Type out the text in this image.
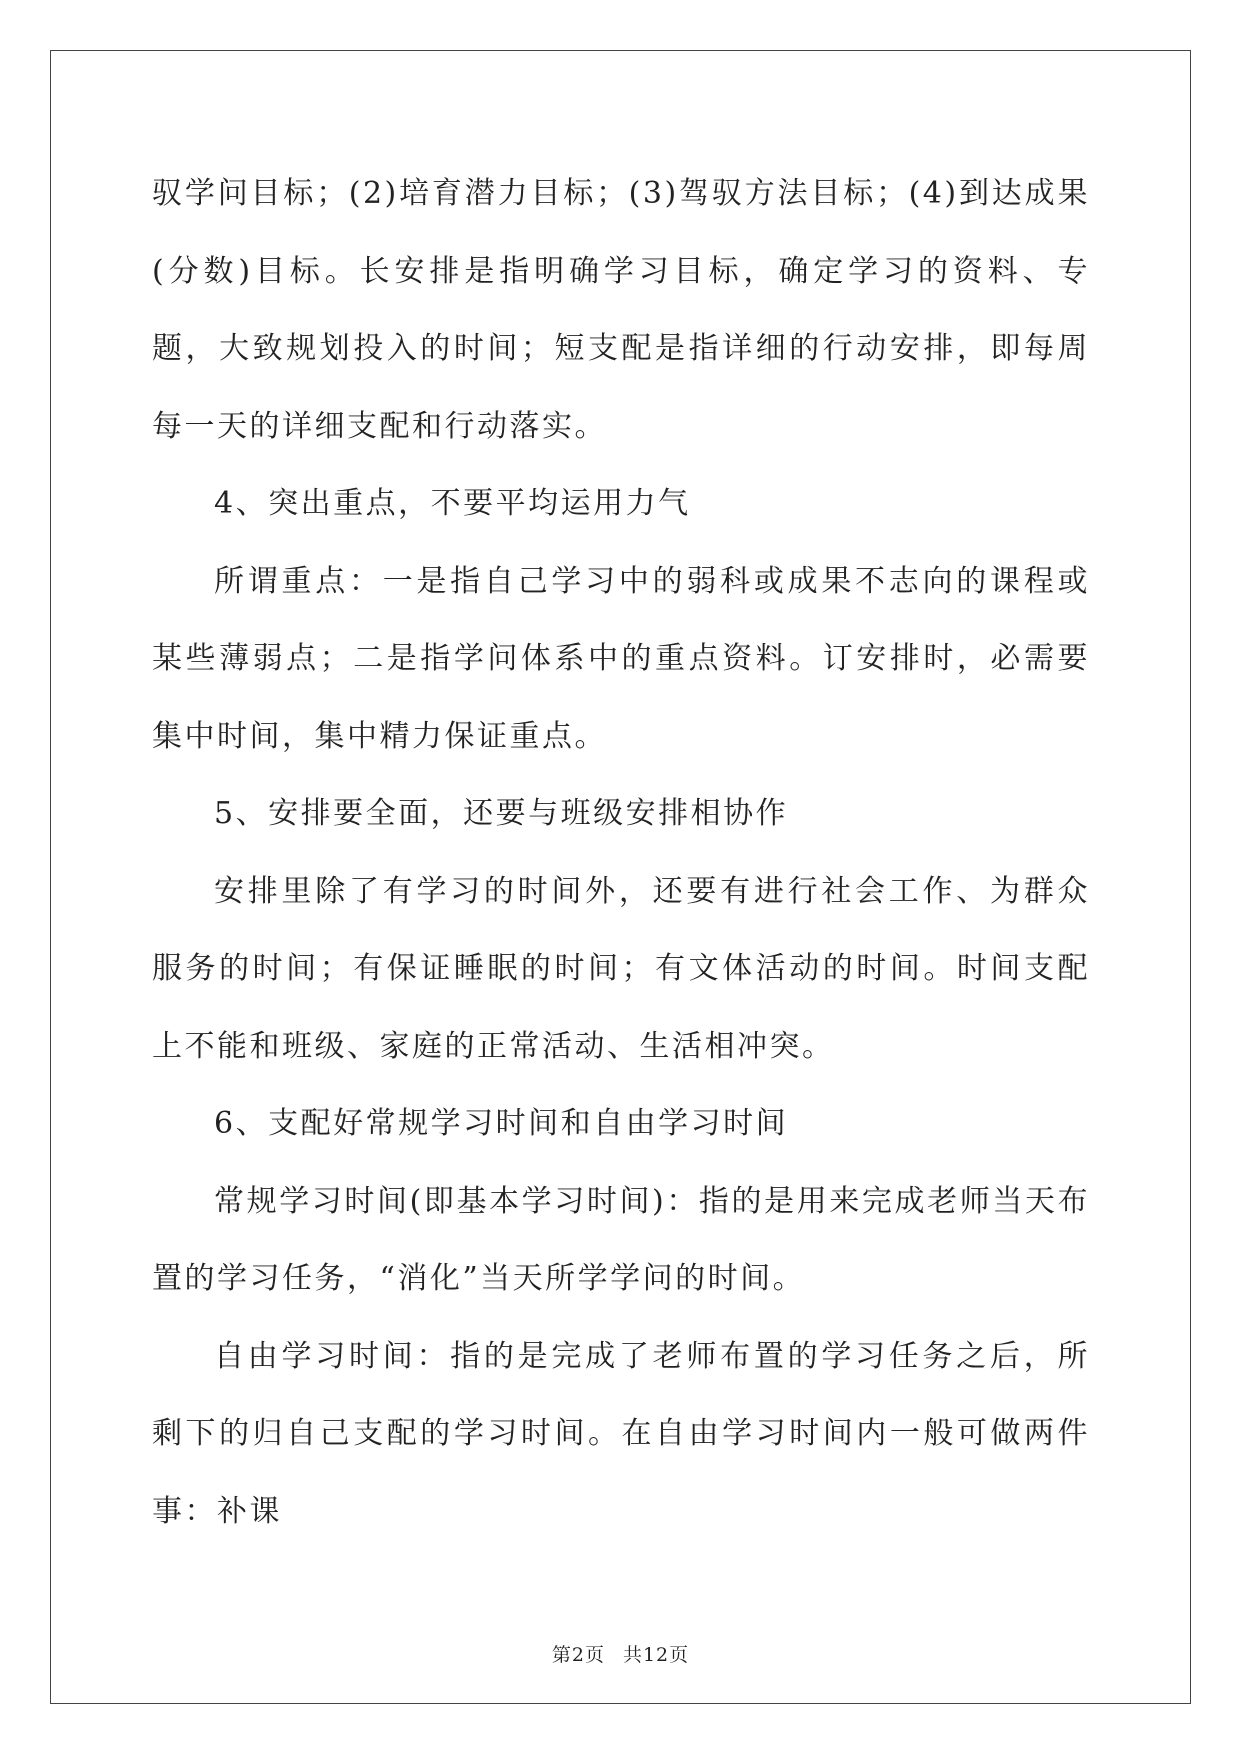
驭学问目标；(2)培育潜力目标；(3)驾驭方法目标；(4)到达成果(分数)目标。长安排是指明确学习目标，确定学习的资料、专题，大致规划投入的时间；短支配是指详细的行动安排，即每周每一天的详细支配和行动落实。

4、突出重点，不要平均运用力气

所谓重点：一是指自己学习中的弱科或成果不志向的课程或某些薄弱点；二是指学问体系中的重点资料。订安排时，必需要集中时间，集中精力保证重点。

5、安排要全面，还要与班级安排相协作

安排里除了有学习的时间外，还要有进行社会工作、为群众服务的时间；有保证睡眠的时间；有文体活动的时间。时间支配上不能和班级、家庭的正常活动、生活相冲突。

6、支配好常规学习时间和自由学习时间

常规学习时间(即基本学习时间)：指的是用来完成老师当天布置的学习任务，“消化”当天所学学问的时间。

自由学习时间：指的是完成了老师布置的学习任务之后，所剩下的归自己支配的学习时间。在自由学习时间内一般可做两件事：补课

第2页 共12页
